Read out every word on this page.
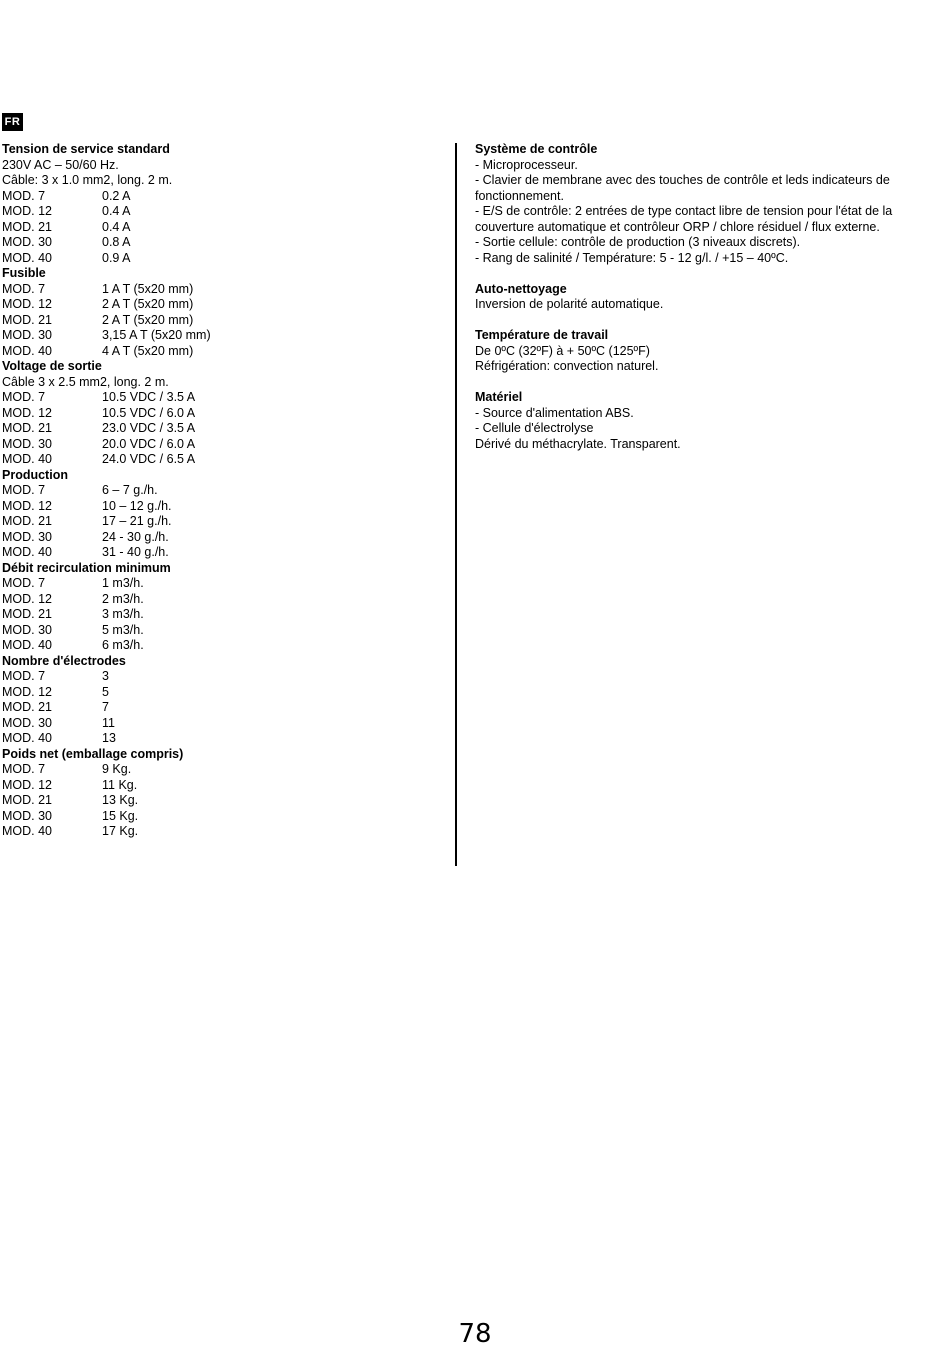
FR
Tension de service standard
230V AC – 50/60 Hz.
Câble: 3 x 1.0 mm2, long. 2 m.
MOD. 7	0.2 A
MOD. 12	0.4 A
MOD. 21	0.4 A
MOD. 30	0.8 A
MOD. 40	0.9 A
Fusible
MOD. 7	1 A T (5x20 mm)
MOD. 12	2 A T (5x20 mm)
MOD. 21	2 A T (5x20 mm)
MOD. 30	3,15 A T (5x20 mm)
MOD. 40	4 A T (5x20 mm)
Voltage de sortie
Câble 3 x 2.5 mm2, long. 2 m.
MOD. 7	10.5 VDC / 3.5 A
MOD. 12	10.5 VDC / 6.0 A
MOD. 21	23.0 VDC / 3.5 A
MOD. 30	20.0 VDC / 6.0 A
MOD. 40	24.0 VDC / 6.5 A
Production
MOD. 7	6 – 7 g./h.
MOD. 12	10 – 12 g./h.
MOD. 21	17 – 21 g./h.
MOD. 30	24 - 30 g./h.
MOD. 40	31 - 40 g./h.
Débit recirculation minimum
MOD. 7	1 m3/h.
MOD. 12	2 m3/h.
MOD. 21	3 m3/h.
MOD. 30	5 m3/h.
MOD. 40	6 m3/h.
Nombre d'électrodes
MOD. 7	3
MOD. 12	5
MOD. 21	7
MOD. 30	11
MOD. 40	13
Poids net (emballage compris)
MOD. 7	9 Kg.
MOD. 12	11 Kg.
MOD. 21	13 Kg.
MOD. 30	15 Kg.
MOD. 40	17 Kg.
Système de contrôle
- Microprocesseur.
- Clavier de membrane avec des touches de contrôle et leds indicateurs de fonctionnement.
- E/S de contrôle: 2 entrées de type contact libre de tension pour l'état de la couverture automatique et contrôleur ORP / chlore résiduel / flux externe.
- Sortie cellule: contrôle de production (3 niveaux discrets).
- Rang de salinité / Température: 5 - 12 g/l. / +15 – 40ºC.
Auto-nettoyage
Inversion de polarité automatique.
Température de travail
De 0ºC (32ºF) à + 50ºC (125ºF)
Réfrigération: convection naturel.
Matériel
- Source d'alimentation ABS.
- Cellule d'électrolyse
Dérivé du méthacrylate. Transparent.
78
